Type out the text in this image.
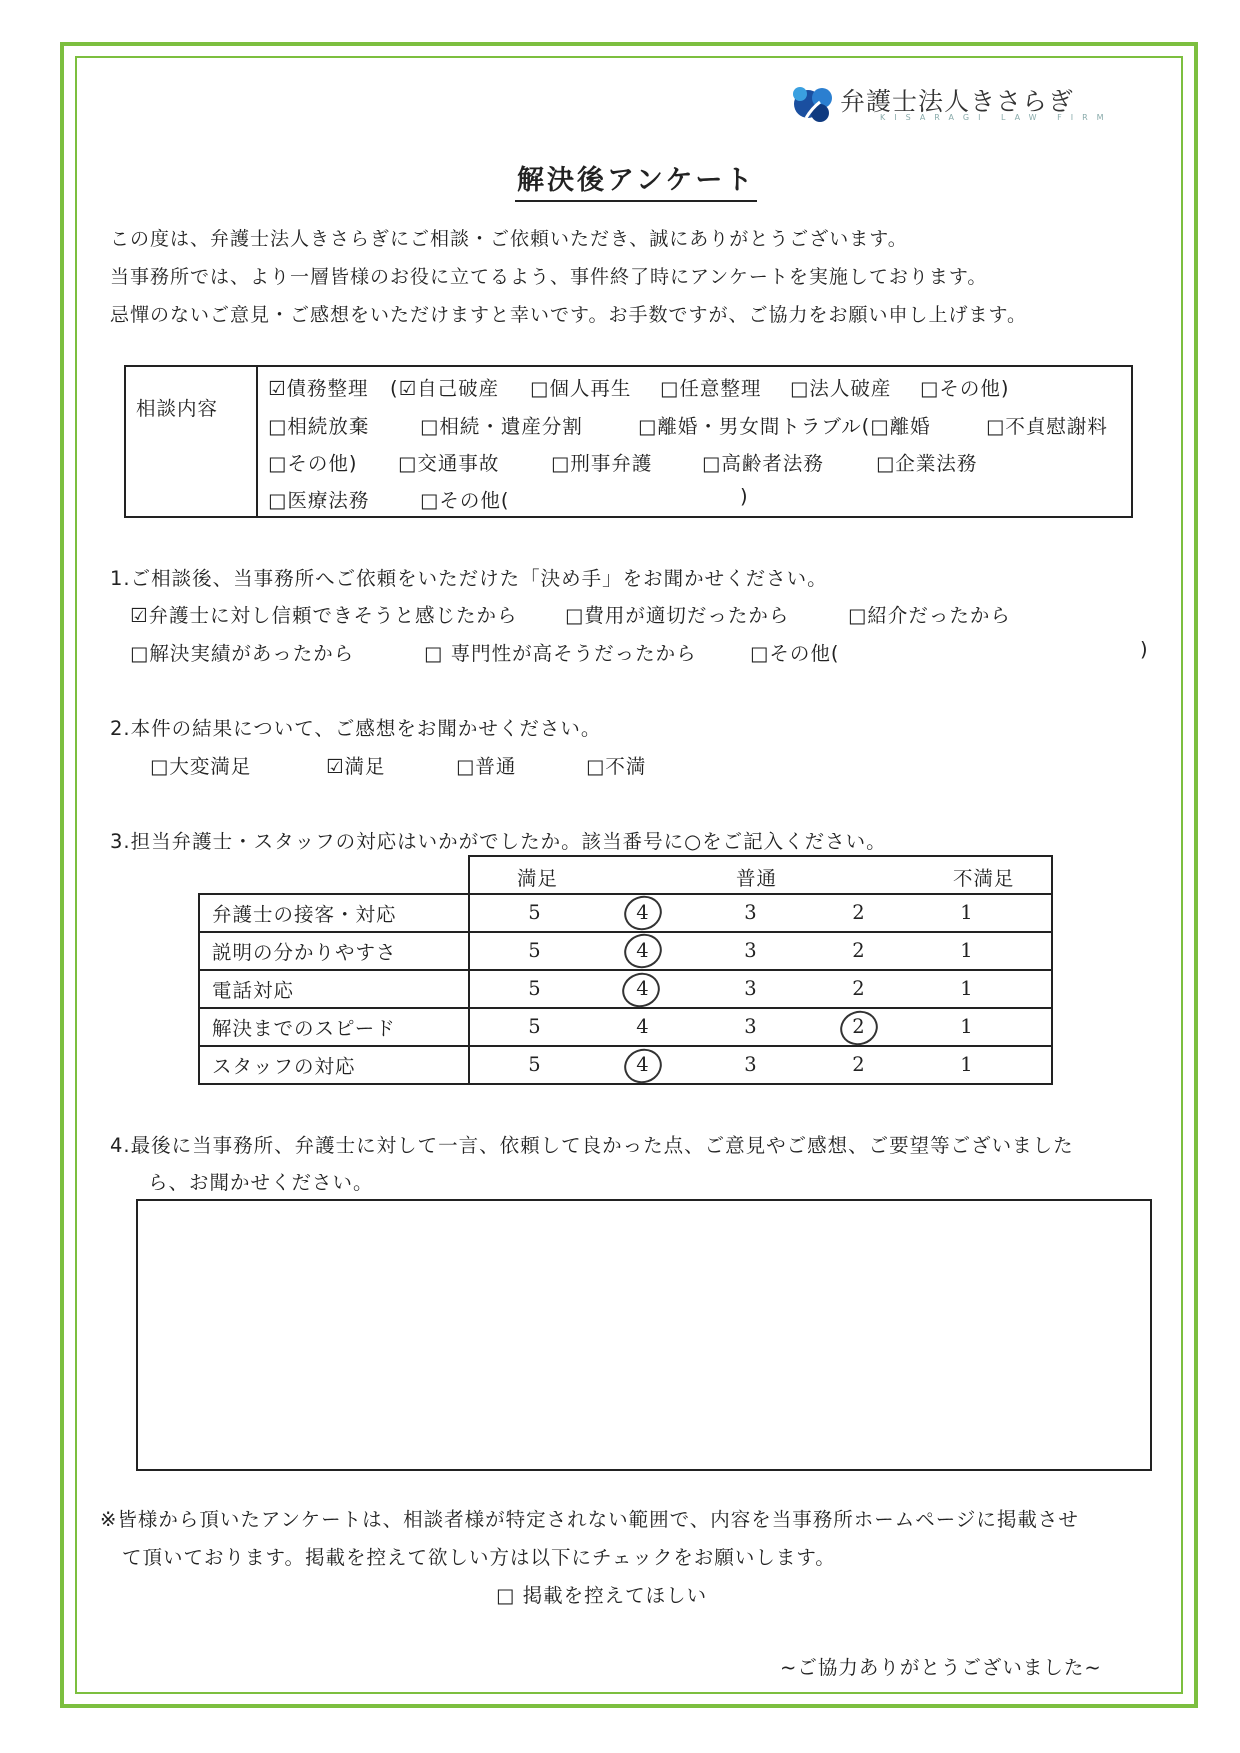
弁護士法人きさらぎ
KISARAGI LAW FIRM
解決後アンケート
この度は、弁護士法人きさらぎにご相談・ご依頼いただき、誠にありがとうございます。
当事務所では、より一層皆様のお役に立てるよう、事件終了時にアンケートを実施しております。
忌憚のないご意見・ご感想をいただけますと幸いです。お手数ですが、ご協力をお願い申し上げます。
相談内容
☑債務整理 (☑自己破産 □個人再生 □任意整理 □法人破産 □その他)
□相続放棄	□相続・遺産分割	□離婚・男女間トラブル(□離婚	□不貞慰謝料
□その他) □交通事故	□刑事弁護	□高齢者法務	□企業法務
□医療法務	□その他(	)
1.ご相談後、当事務所へご依頼をいただけた「決め手」をお聞かせください。
☑弁護士に対し信頼できそうと感じたから □費用が適切だったから	□紹介だったから
□解決実績があったから	□ 専門性が高そうだったから	□その他(	)
2.本件の結果について、ご感想をお聞かせください。
□大変満足	☑満足	□普通	□不満
3.担当弁護士・スタッフの対応はいかがでしたか。該当番号に○をご記入ください。

	満足 普通 不満足

弁護士の接客・対応	5 4 3 2 1

説明の分かりやすさ	5 4 3 2 1

電話対応	5 4 3 2 1

解決までのスピード	5 4 3 2 1

スタッフの対応	5 4 3 2 1
4.最後に当事務所、弁護士に対して一言、依頼して良かった点、ご意見やご感想、ご要望等ございました
ら、お聞かせください。
※皆様から頂いたアンケートは、相談者様が特定されない範囲で、内容を当事務所ホームページに掲載させ
て頂いております。掲載を控えて欲しい方は以下にチェックをお願いします。
□ 掲載を控えてほしい
~ご協力ありがとうございました~
